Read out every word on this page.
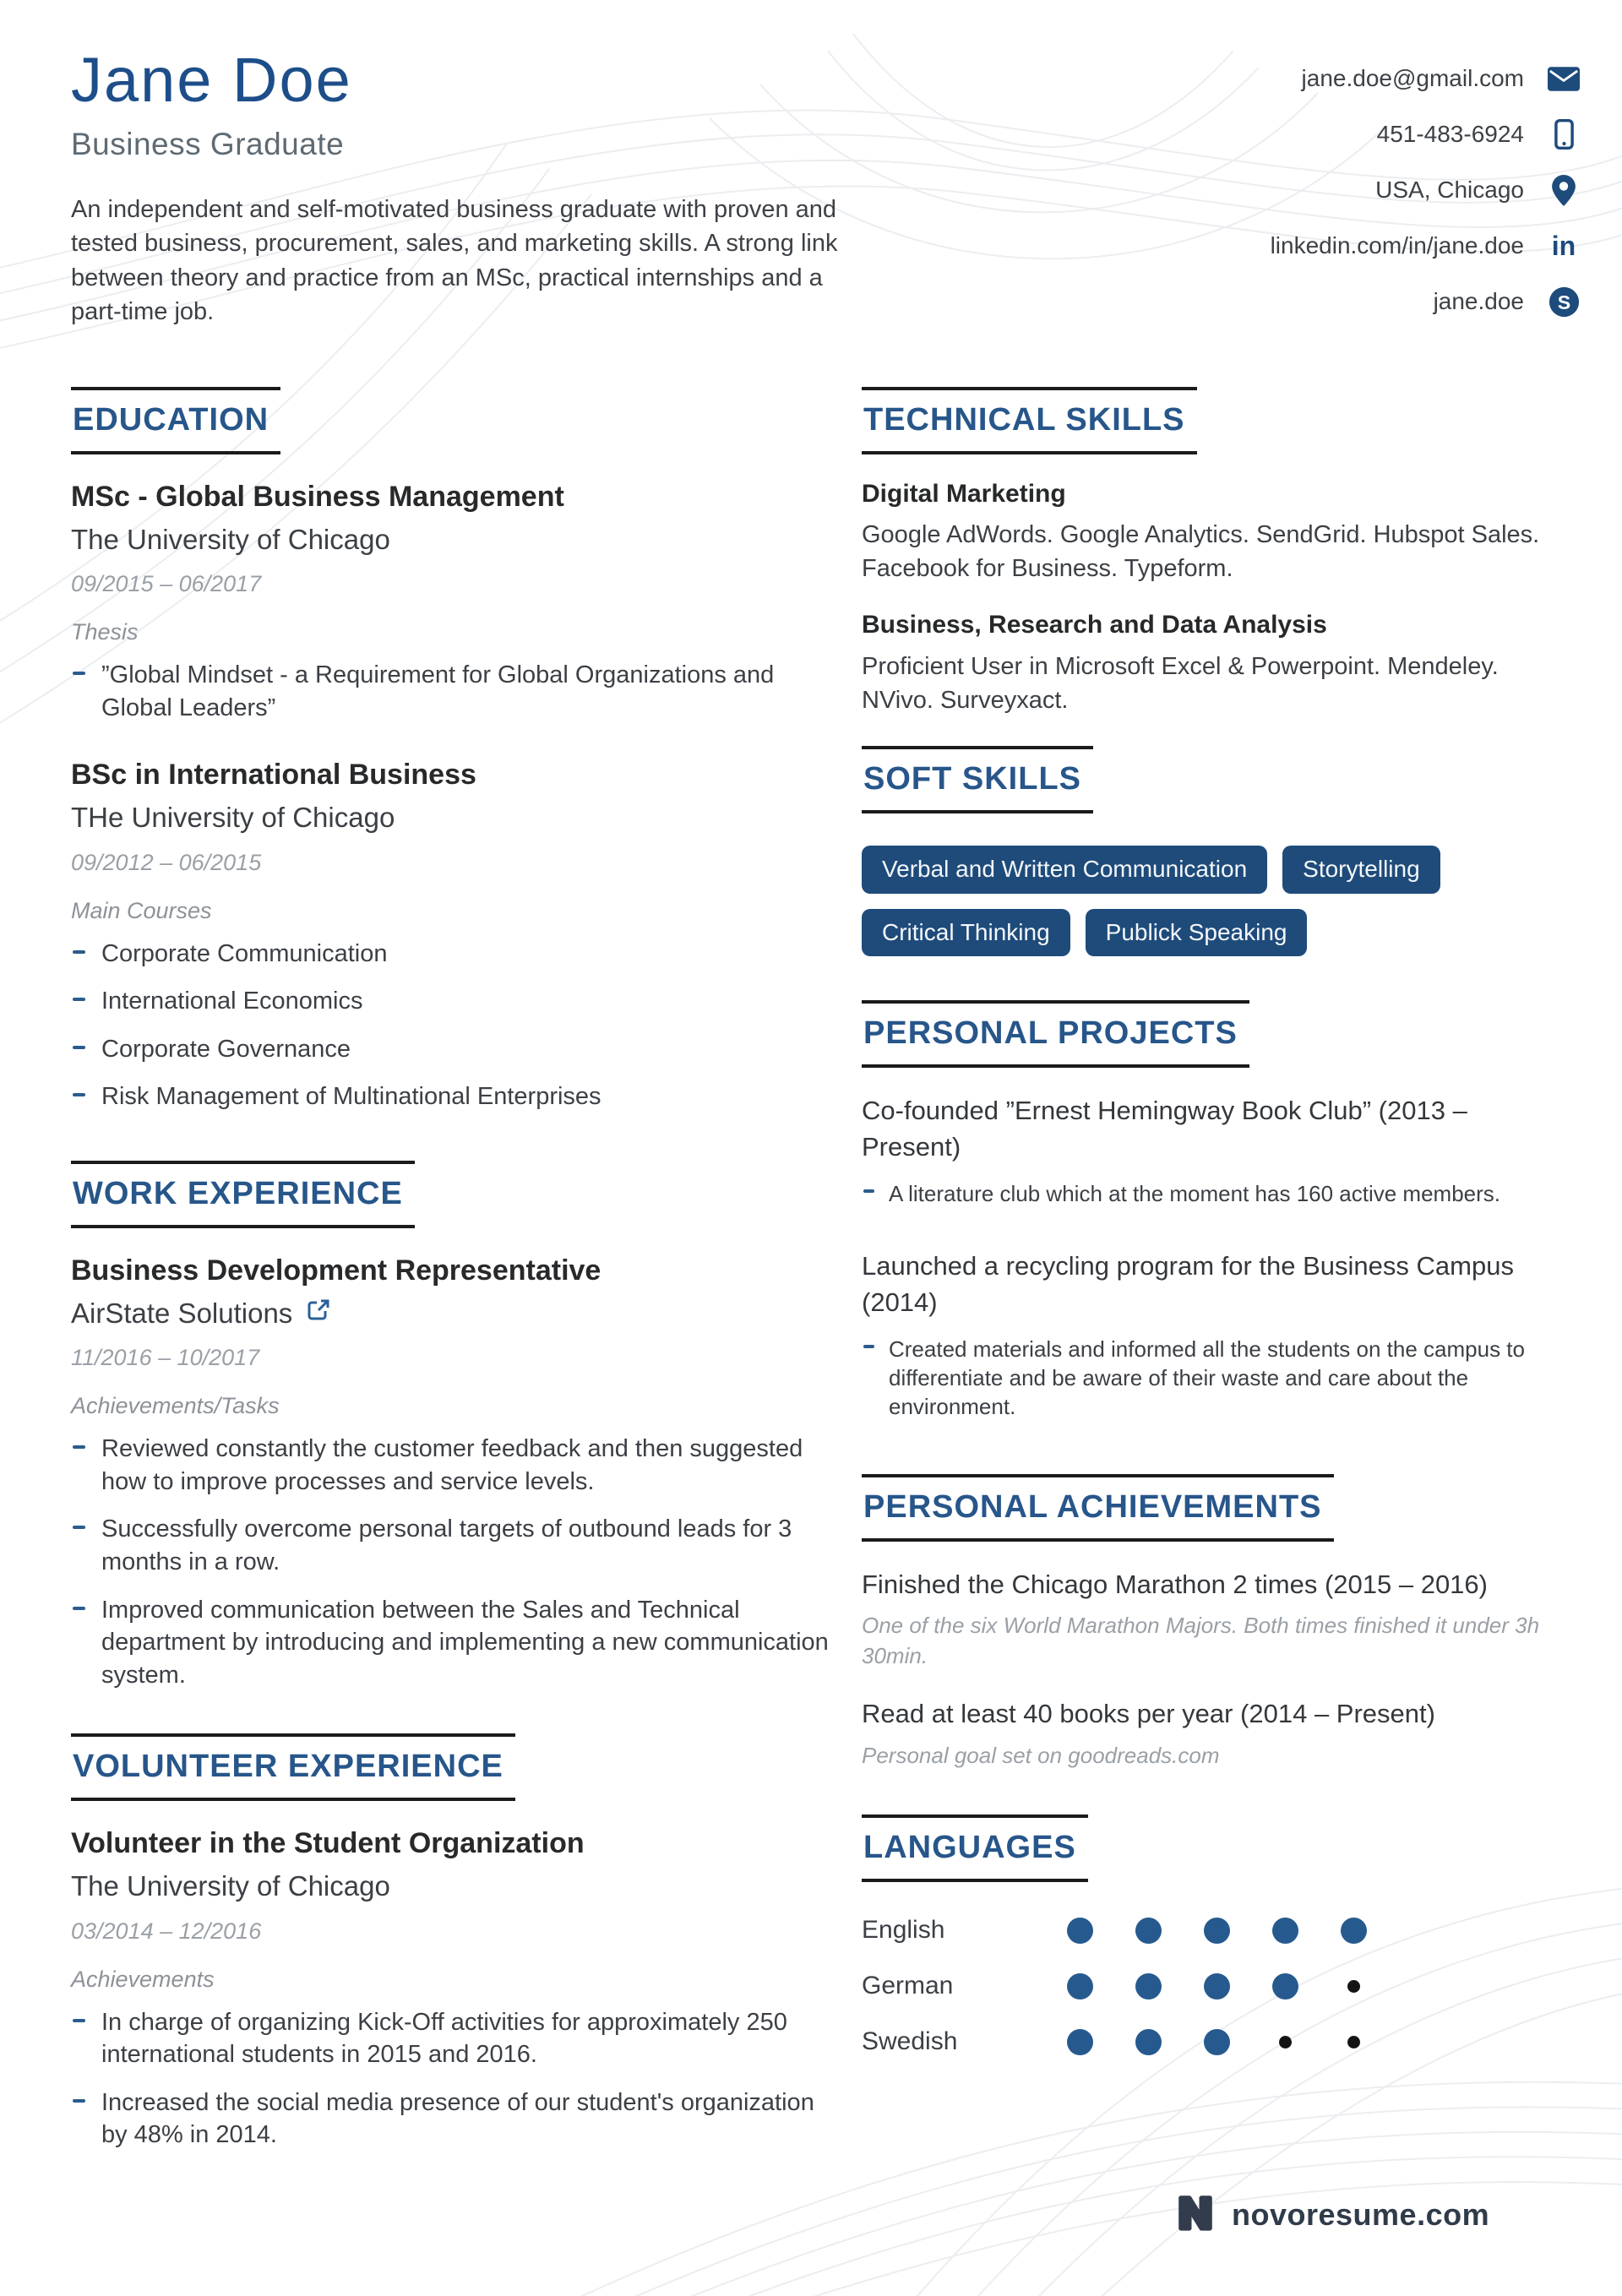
Jane Doe
Business Graduate
An independent and self-motivated business graduate with proven and tested business, procurement, sales, and marketing skills. A strong link between theory and practice from an MSc, practical internships and a part-time job.
jane.doe@gmail.com
451-483-6924
USA, Chicago
linkedin.com/in/jane.doe in
jane.doe S
EDUCATION
MSc - Global Business Management
The University of Chicago
09/2015 – 06/2017
Thesis
”Global Mindset - a Requirement for Global Organizations and Global Leaders”
BSc in International Business
THe University of Chicago
09/2012 – 06/2015
Main Courses
Corporate Communication
International Economics
Corporate Governance
Risk Management of Multinational Enterprises
WORK EXPERIENCE
Business Development Representative
AirState Solutions
11/2016 – 10/2017
Achievements/Tasks
Reviewed constantly the customer feedback and then suggested how to improve processes and service levels.
Successfully overcome personal targets of outbound leads for 3 months in a row.
Improved communication between the Sales and Technical department by introducing and implementing a new communication system.
VOLUNTEER EXPERIENCE
Volunteer in the Student Organization
The University of Chicago
03/2014 – 12/2016
Achievements
In charge of organizing Kick-Off activities for approximately 250 international students in 2015 and 2016.
Increased the social media presence of our student's organization by 48% in 2014.
TECHNICAL SKILLS
Digital Marketing
Google AdWords. Google Analytics. SendGrid. Hubspot Sales. Facebook for Business. Typeform.
Business, Research and Data Analysis
Proficient User in Microsoft Excel & Powerpoint. Mendeley. NVivo. Surveyxact.
SOFT SKILLS
Verbal and Written Communication	Storytelling
Critical Thinking	Publick Speaking
PERSONAL PROJECTS
Co-founded ”Ernest Hemingway Book Club” (2013 – Present)
A literature club which at the moment has 160 active members.
Launched a recycling program for the Business Campus (2014)
Created materials and informed all the students on the campus to differentiate and be aware of their waste and care about the environment.
PERSONAL ACHIEVEMENTS
Finished the Chicago Marathon 2 times (2015 – 2016)
One of the six World Marathon Majors. Both times finished it under 3h 30min.
Read at least 40 books per year (2014 – Present)
Personal goal set on goodreads.com
LANGUAGES
English
German
Swedish
novoresume.com
